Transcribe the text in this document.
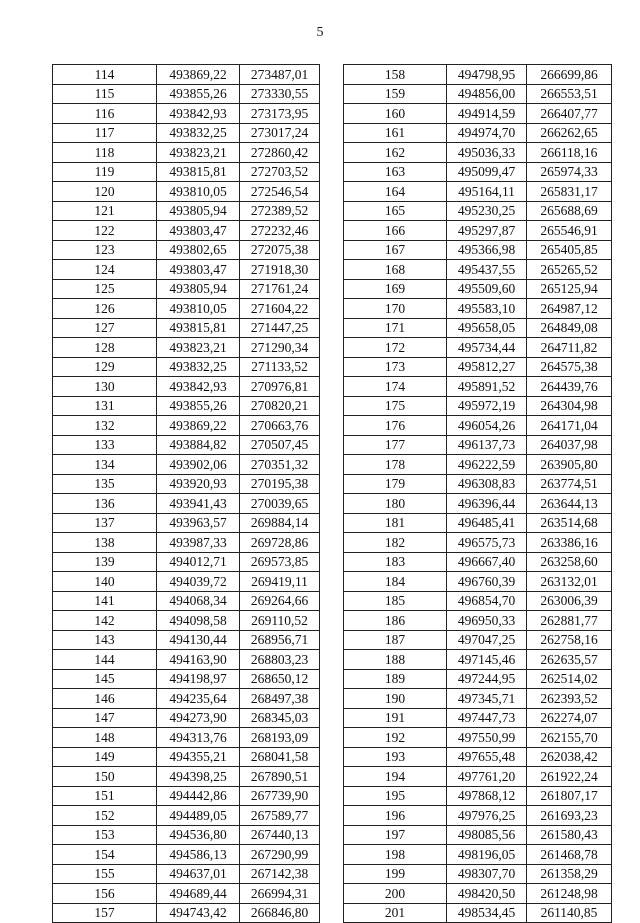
5
114	493869,22	273487,01
115	493855,26	273330,55
116	493842,93	273173,95
117	493832,25	273017,24
118	493823,21	272860,42
119	493815,81	272703,52
120	493810,05	272546,54
121	493805,94	272389,52
122	493803,47	272232,46
123	493802,65	272075,38
124	493803,47	271918,30
125	493805,94	271761,24
126	493810,05	271604,22
127	493815,81	271447,25
128	493823,21	271290,34
129	493832,25	271133,52
130	493842,93	270976,81
131	493855,26	270820,21
132	493869,22	270663,76
133	493884,82	270507,45
134	493902,06	270351,32
135	493920,93	270195,38
136	493941,43	270039,65
137	493963,57	269884,14
138	493987,33	269728,86
139	494012,71	269573,85
140	494039,72	269419,11
141	494068,34	269264,66
142	494098,58	269110,52
143	494130,44	268956,71
144	494163,90	268803,23
145	494198,97	268650,12
146	494235,64	268497,38
147	494273,90	268345,03
148	494313,76	268193,09
149	494355,21	268041,58
150	494398,25	267890,51
151	494442,86	267739,90
152	494489,05	267589,77
153	494536,80	267440,13
154	494586,13	267290,99
155	494637,01	267142,38
156	494689,44	266994,31
157	494743,42	266846,80
158	494798,95	266699,86
159	494856,00	266553,51
160	494914,59	266407,77
161	494974,70	266262,65
162	495036,33	266118,16
163	495099,47	265974,33
164	495164,11	265831,17
165	495230,25	265688,69
166	495297,87	265546,91
167	495366,98	265405,85
168	495437,55	265265,52
169	495509,60	265125,94
170	495583,10	264987,12
171	495658,05	264849,08
172	495734,44	264711,82
173	495812,27	264575,38
174	495891,52	264439,76
175	495972,19	264304,98
176	496054,26	264171,04
177	496137,73	264037,98
178	496222,59	263905,80
179	496308,83	263774,51
180	496396,44	263644,13
181	496485,41	263514,68
182	496575,73	263386,16
183	496667,40	263258,60
184	496760,39	263132,01
185	496854,70	263006,39
186	496950,33	262881,77
187	497047,25	262758,16
188	497145,46	262635,57
189	497244,95	262514,02
190	497345,71	262393,52
191	497447,73	262274,07
192	497550,99	262155,70
193	497655,48	262038,42
194	497761,20	261922,24
195	497868,12	261807,17
196	497976,25	261693,23
197	498085,56	261580,43
198	498196,05	261468,78
199	498307,70	261358,29
200	498420,50	261248,98
201	498534,45	261140,85
